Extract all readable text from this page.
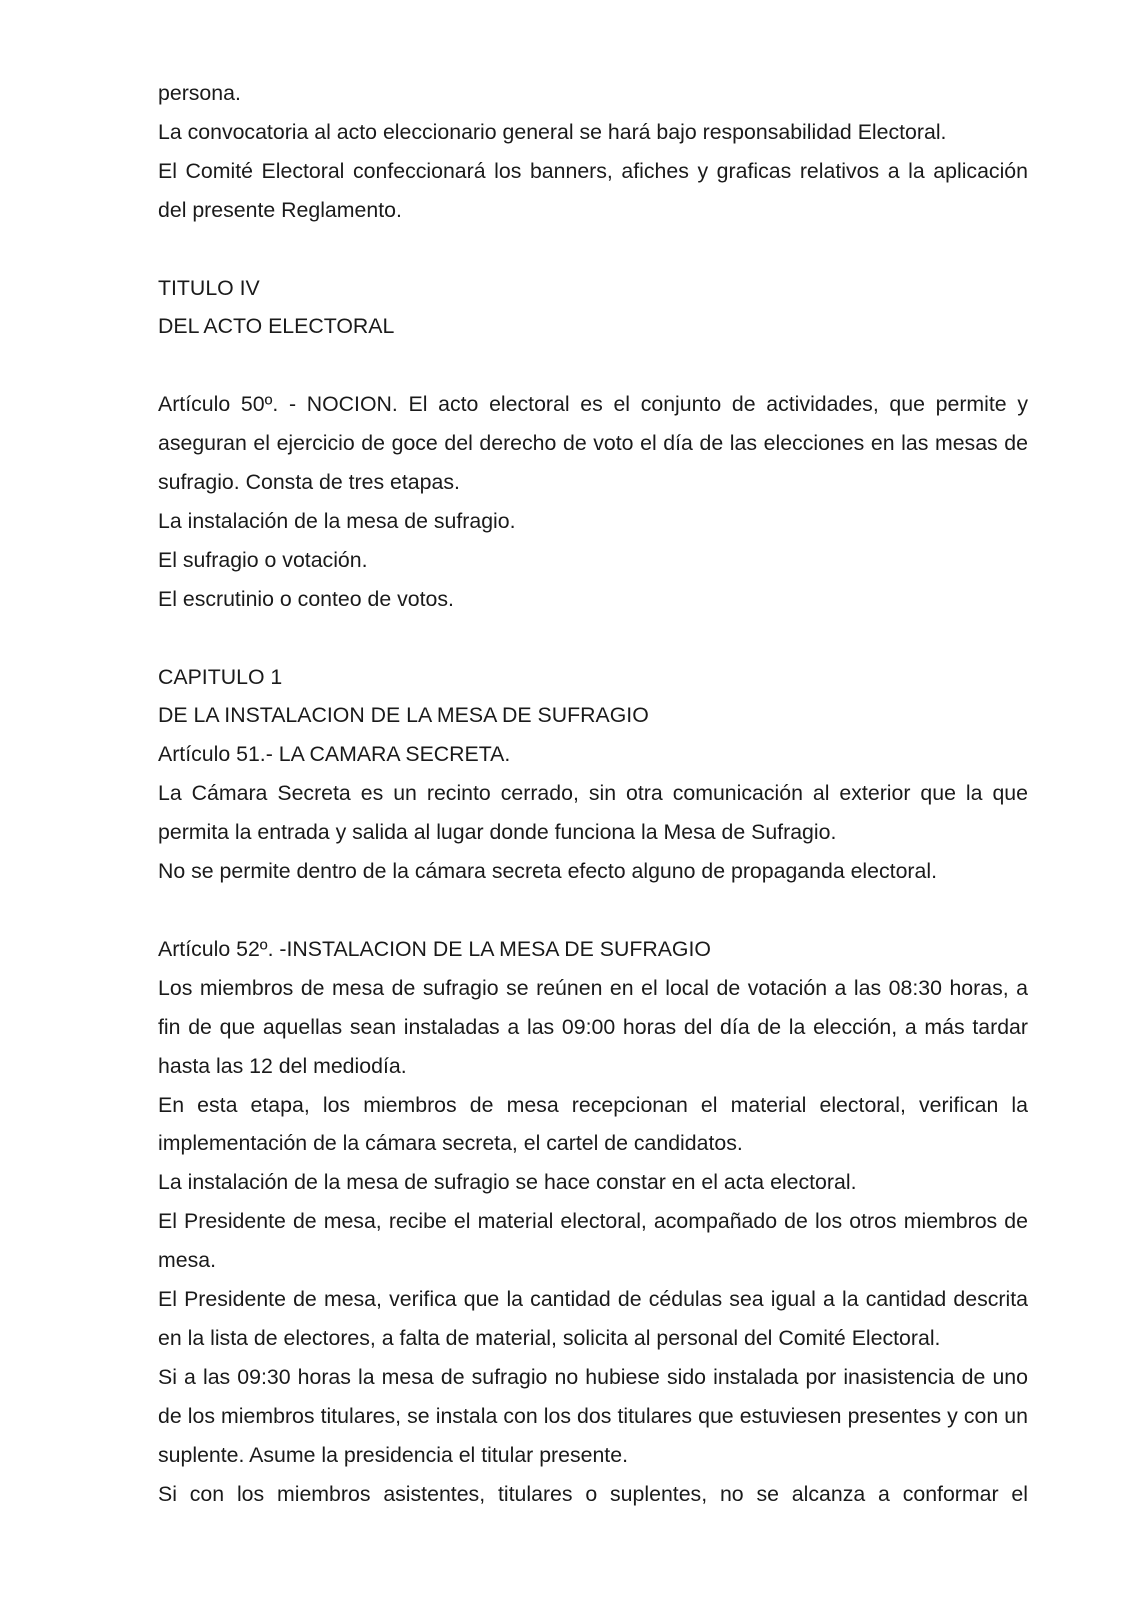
persona.

La convocatoria al acto eleccionario general se hará bajo responsabilidad Electoral.

El Comité Electoral confeccionará los banners, afiches y graficas relativos a la aplicación del presente Reglamento.

TITULO IV

DEL ACTO ELECTORAL

Artículo 50º. - NOCION. El acto electoral es el conjunto de actividades, que permite y aseguran el ejercicio de goce del derecho de voto el día de las elecciones en las mesas de sufragio. Consta de tres etapas.

La instalación de la mesa de sufragio.

El sufragio o votación.

El escrutinio o conteo de votos.

CAPITULO 1

DE LA INSTALACION DE LA MESA DE SUFRAGIO

Artículo 51.- LA CAMARA SECRETA.

La Cámara Secreta es un recinto cerrado, sin otra comunicación al exterior que la que permita la entrada y salida al lugar donde funciona la Mesa de Sufragio.

No se permite dentro de la cámara secreta efecto alguno de propaganda electoral.

Artículo 52º. -INSTALACION DE LA MESA DE SUFRAGIO

Los miembros de mesa de sufragio se reúnen en el local de votación a las 08:30 horas, a fin de que aquellas sean instaladas a las 09:00 horas del día de la elección, a más tardar hasta las 12 del mediodía.

En esta etapa, los miembros de mesa recepcionan el material electoral, verifican la implementación de la cámara secreta, el cartel de candidatos.

La instalación de la mesa de sufragio se hace constar en el acta electoral.

El Presidente de mesa, recibe el material electoral, acompañado de los otros miembros de mesa.

El Presidente de mesa, verifica que la cantidad de cédulas sea igual a la cantidad descrita en la lista de electores, a falta de material, solicita al personal del Comité Electoral.

Si a las 09:30 horas la mesa de sufragio no hubiese sido instalada por inasistencia de uno de los miembros titulares, se instala con los dos titulares que estuviesen presentes y con un suplente. Asume la presidencia el titular presente.

Si con los miembros asistentes, titulares o suplentes, no se alcanza a conformar el
